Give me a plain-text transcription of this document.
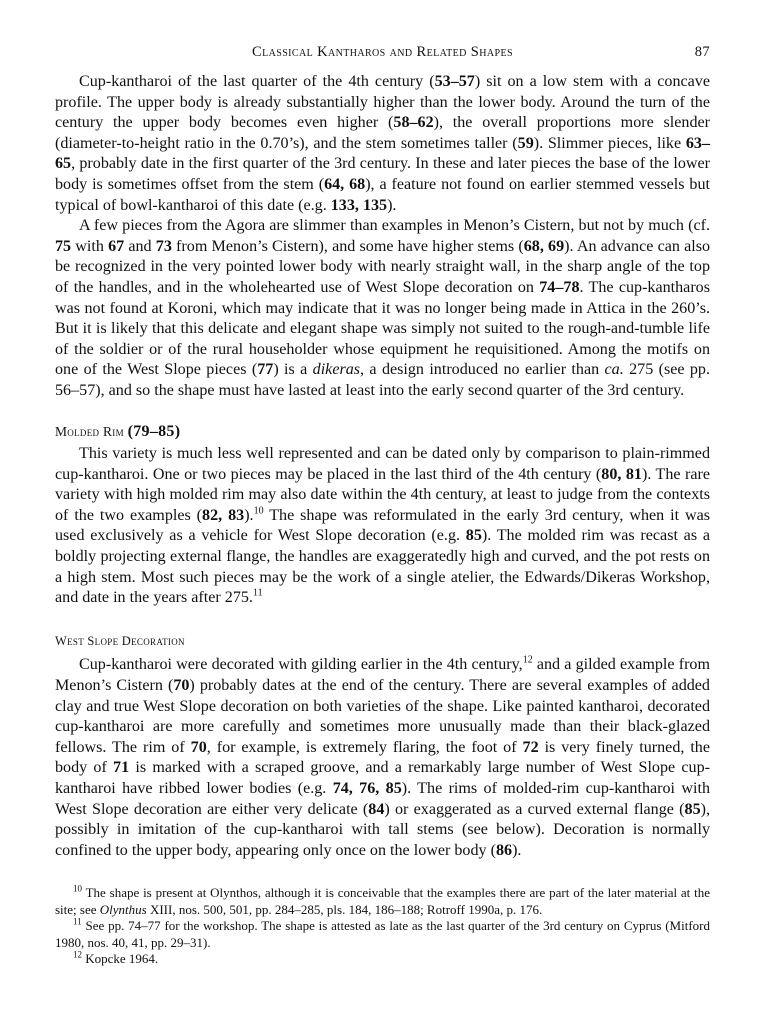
Classical Kantharos and Related Shapes	87

Cup-kantharoi of the last quarter of the 4th century (53–57) sit on a low stem with a concave profile. The upper body is already substantially higher than the lower body. Around the turn of the century the upper body becomes even higher (58–62), the overall proportions more slender (diameter-to-height ratio in the 0.70’s), and the stem sometimes taller (59). Slimmer pieces, like 63–65, probably date in the first quarter of the 3rd century. In these and later pieces the base of the lower body is sometimes offset from the stem (64, 68), a feature not found on earlier stemmed vessels but typical of bowl-kantharoi of this date (e.g. 133, 135).

A few pieces from the Agora are slimmer than examples in Menon’s Cistern, but not by much (cf. 75 with 67 and 73 from Menon’s Cistern), and some have higher stems (68, 69). An advance can also be recognized in the very pointed lower body with nearly straight wall, in the sharp angle of the top of the handles, and in the wholehearted use of West Slope decoration on 74–78. The cup-kantharos was not found at Koroni, which may indicate that it was no longer being made in Attica in the 260’s. But it is likely that this delicate and elegant shape was simply not suited to the rough-and-tumble life of the soldier or of the rural householder whose equipment he requisitioned. Among the motifs on one of the West Slope pieces (77) is a dikeras, a design introduced no earlier than ca. 275 (see pp. 56–57), and so the shape must have lasted at least into the early second quarter of the 3rd century.

Molded Rim (79–85)

This variety is much less well represented and can be dated only by comparison to plain-rimmed cup-kantharoi. One or two pieces may be placed in the last third of the 4th century (80, 81). The rare variety with high molded rim may also date within the 4th century, at least to judge from the contexts of the two examples (82, 83).$^{10}$ The shape was reformulated in the early 3rd century, when it was used exclusively as a vehicle for West Slope decoration (e.g. 85). The molded rim was recast as a boldly projecting external flange, the handles are exaggeratedly high and curved, and the pot rests on a high stem. Most such pieces may be the work of a single atelier, the Edwards/Dikeras Workshop, and date in the years after 275.11

West Slope Decoration

Cup-kantharoi were decorated with gilding earlier in the 4th century,$^{12}$ and a gilded example from Menon’s Cistern (70) probably dates at the end of the century. There are several examples of added clay and true West Slope decoration on both varieties of the shape. Like painted kantharoi, decorated cup-kantharoi are more carefully and sometimes more unusually made than their black-glazed fellows. The rim of 70, for example, is extremely flaring, the foot of 72 is very finely turned, the body of 71 is marked with a scraped groove, and a remarkably large number of West Slope cup-kantharoi have ribbed lower bodies (e.g. 74, 76, 85). The rims of molded-rim cup-kantharoi with West Slope decoration are either very delicate (84) or exaggerated as a curved external flange (85), possibly in imitation of the cup-kantharoi with tall stems (see below). Decoration is normally confined to the upper body, appearing only once on the lower body (86).

$^{10}$ The shape is present at Olynthos, although it is conceivable that the examples there are part of the later material at the site; see Olynthus XIII, nos. 500, 501, pp. 284–285, pls. 184, 186–188; Rotroff 1990a, p. 176.

$^{11}$ See pp. 74–77 for the workshop. The shape is attested as late as the last quarter of the 3rd century on Cyprus (Mitford 1980, nos. 40, 41, pp. 29–31).

$^{12}$ Kopcke 1964.
